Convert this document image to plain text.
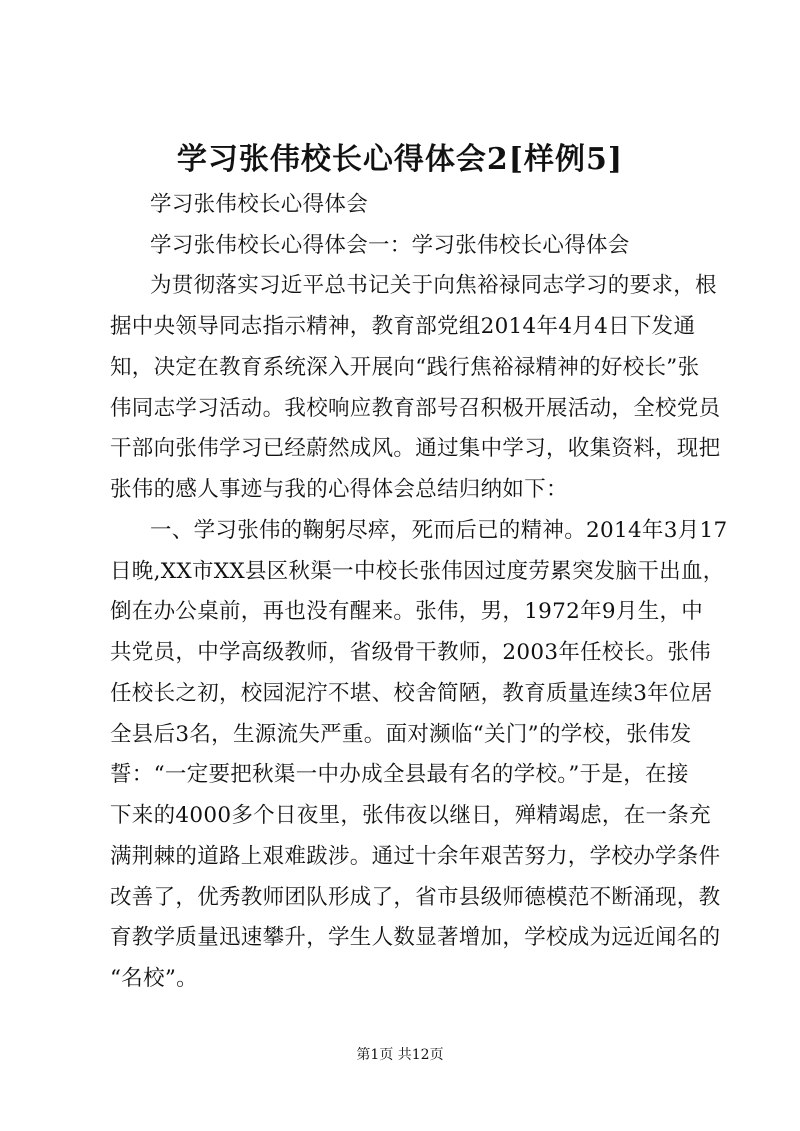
学习张伟校长心得体会2[样例5]
学习张伟校长心得体会
学习张伟校长心得体会一：学习张伟校长心得体会
为贯彻落实习近平总书记关于向焦裕禄同志学习的要求，根
据中央领导同志指示精神，教育部党组2014年4月4日下发通
知，决定在教育系统深入开展向“践行焦裕禄精神的好校长”张
伟同志学习活动。我校响应教育部号召积极开展活动，全校党员
干部向张伟学习已经蔚然成风。通过集中学习，收集资料，现把
张伟的感人事迹与我的心得体会总结归纳如下：
一、学习张伟的鞠躬尽瘁，死而后已的精神。2014年3月17
日晚,XX市XX县区秋渠一中校长张伟因过度劳累突发脑干出血，
倒在办公桌前，再也没有醒来。张伟，男，1972年9月生，中
共党员，中学高级教师，省级骨干教师，2003年任校长。张伟
任校长之初，校园泥泞不堪、校舍简陋，教育质量连续3年位居
全县后3名，生源流失严重。面对濒临“关门”的学校，张伟发
誓：“一定要把秋渠一中办成全县最有名的学校。”于是，在接
下来的4000多个日夜里，张伟夜以继日，殚精竭虑，在一条充
满荆棘的道路上艰难跋涉。通过十余年艰苦努力，学校办学条件
改善了，优秀教师团队形成了，省市县级师德模范不断涌现，教
育教学质量迅速攀升，学生人数显著增加，学校成为远近闻名的
“名校”。
第1页 共12页
